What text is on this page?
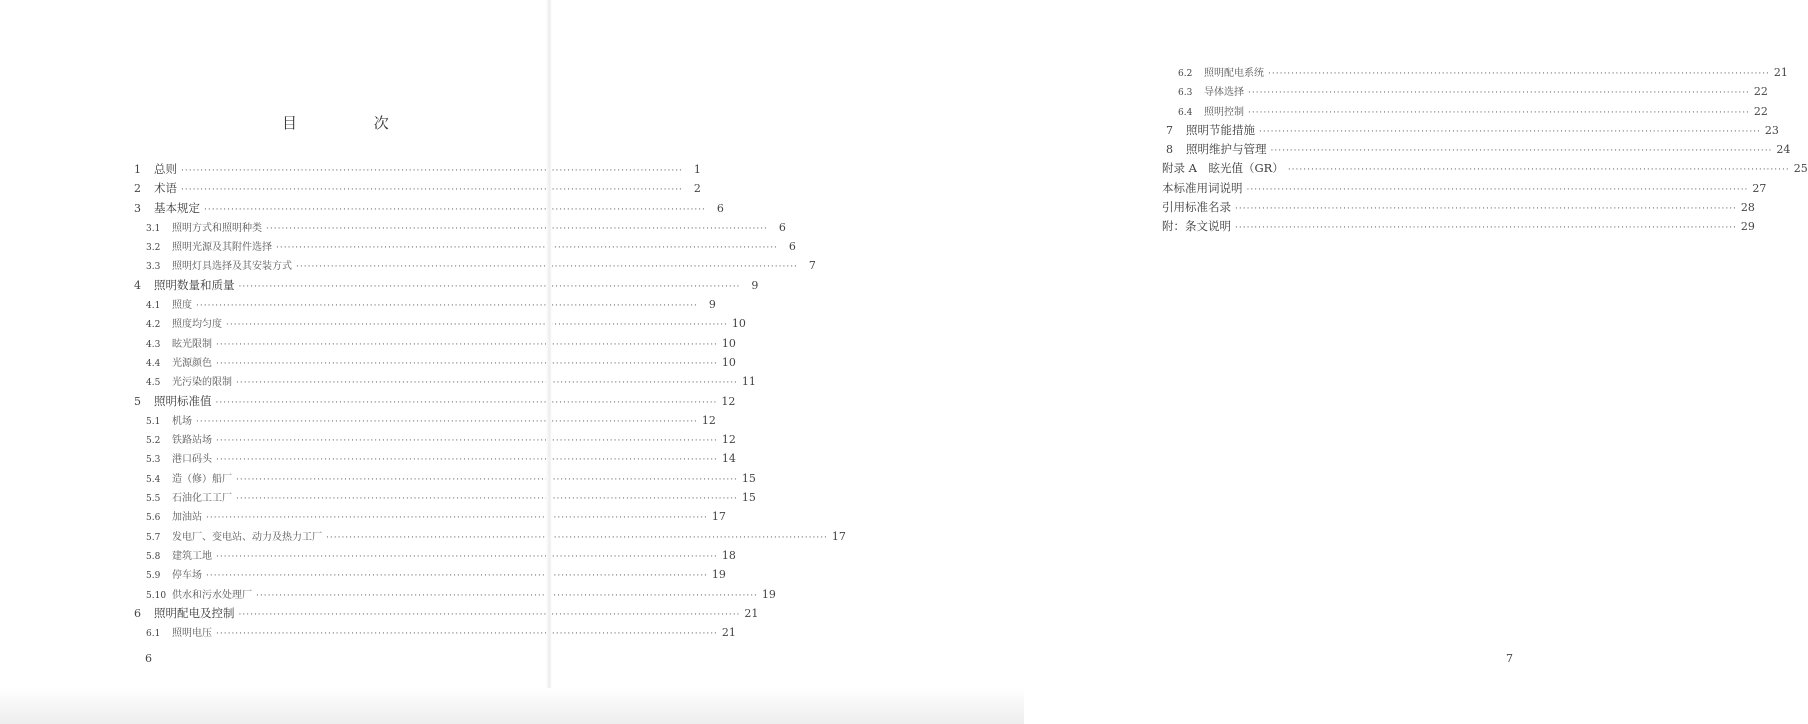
目 次
1	总则 ·····	1
2	术语 ·····	2
3	基本规定 ·····	6
3.1	照明方式和照明种类 ·····	6
3.2	照明光源及其附件选择 ·····	6
3.3	照明灯具选择及其安装方式 ·····	7
4	照明数量和质量 ·····	9
4.1	照度 ·····	9
4.2	照度均匀度 ·····	10
4.3	眩光限制 ·····	10
4.4	光源颜色 ·····	10
4.5	光污染的限制 ·····	11
5	照明标准值 ·····	12
5.1	机场 ·····	12
5.2	铁路站场 ·····	12
5.3	港口码头 ·····	14
5.4	造（修）船厂 ·····	15
5.5	石油化工工厂 ·····	15
5.6	加油站 ·····	17
5.7	发电厂、变电站、动力及热力工厂 ·····	17
5.8	建筑工地 ·····	18
5.9	停车场 ·····	19
5.10 供水和污水处理厂 ·····	19
6	照明配电及控制 ·····	21
6.1	照明电压 ·····	21
6
6.2	照明配电系统 ·····	21
6.3	导体选择 ·····	22
6.4	照明控制 ·····	22
7	照明节能措施 ·····	23
8	照明维护与管理 ·····	24
附录 A　眩光值（GR） ·····	25
本标准用词说明 ·····	27
引用标准名录 ·····	28
附：条文说明 ·····	29
7
